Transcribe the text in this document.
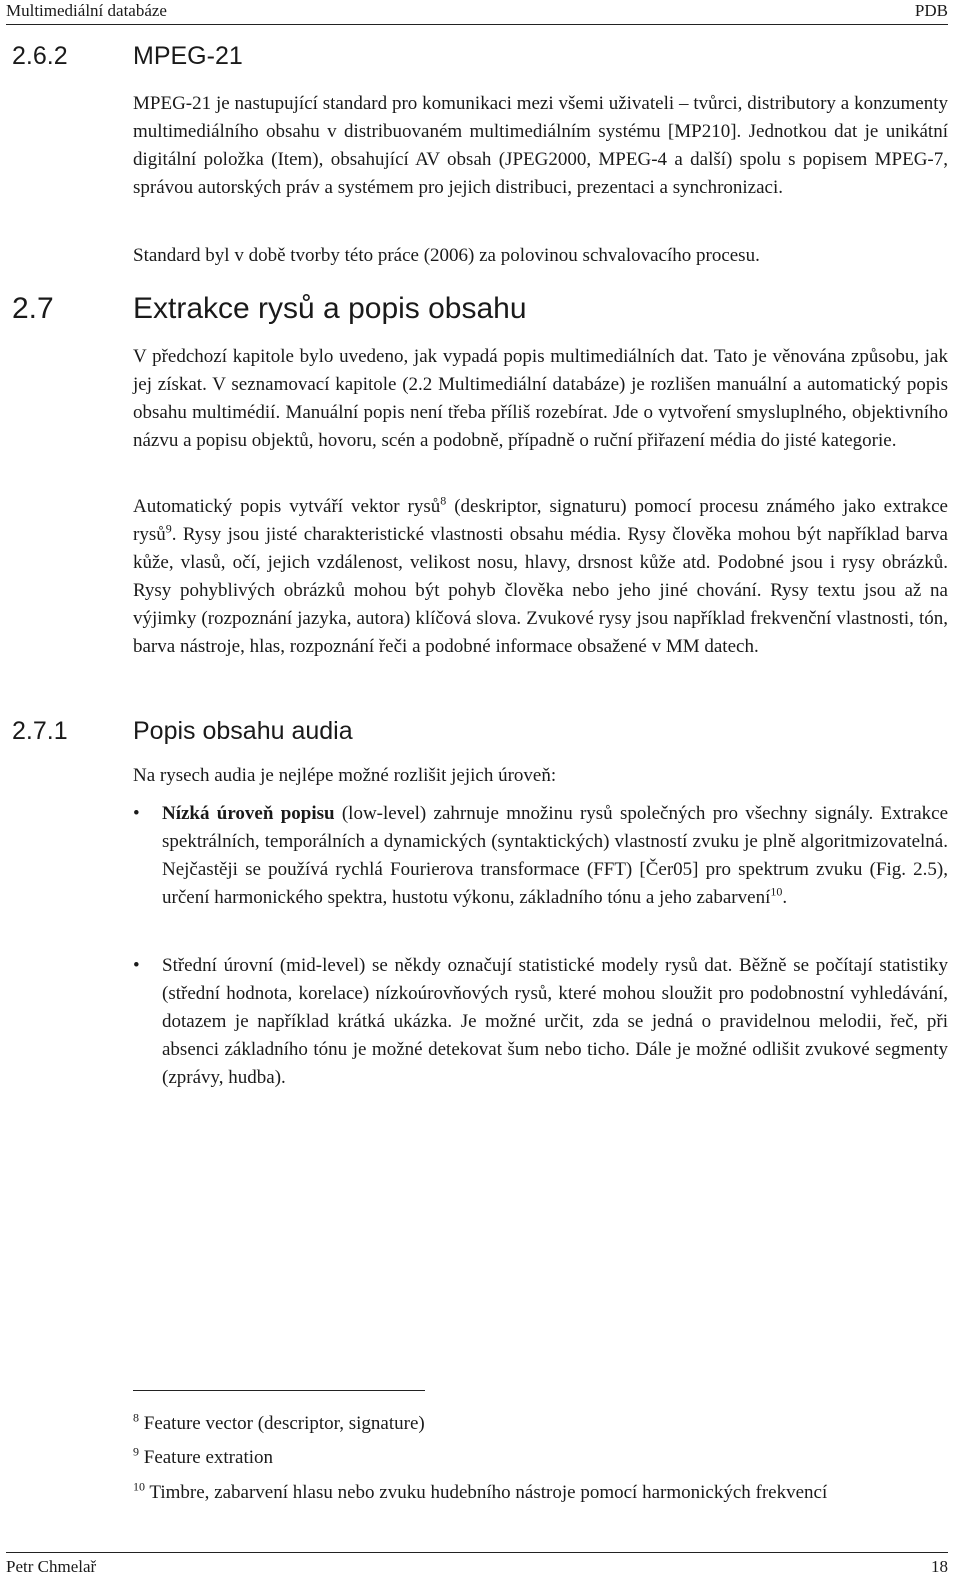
Multimediální databáze	PDB
2.6.2	MPEG-21

MPEG-21 je nastupující standard pro komunikaci mezi všemi uživateli – tvůrci, distributory a konzumenty multimediálního obsahu v distribuovaném multimediálním systému [MP210]. Jednotkou dat je unikátní digitální položka (Item), obsahující AV obsah (JPEG2000, MPEG-4 a další) spolu s popisem MPEG-7, správou autorských práv a systémem pro jejich distribuci, prezentaci a synchronizaci.

Standard byl v době tvorby této práce (2006) za polovinou schvalovacího procesu.

2.7	Extrakce rysů a popis obsahu

V předchozí kapitole bylo uvedeno, jak vypadá popis multimediálních dat. Tato je věnována způsobu, jak jej získat. V seznamovací kapitole (2.2 Multimediální databáze) je rozlišen manuální a automatický popis obsahu multimédií. Manuální popis není třeba příliš rozebírat. Jde o vytvoření smysluplného, objektivního názvu a popisu objektů, hovoru, scén a podobně, případně o ruční přiřazení média do jisté kategorie.

Automatický popis vytváří vektor rysů$^8$ (deskriptor, signaturu) pomocí procesu známého jako extrakce rysů$^9$. Rysy jsou jisté charakteristické vlastnosti obsahu média. Rysy člověka mohou být například barva kůže, vlasů, očí, jejich vzdálenost, velikost nosu, hlavy, drsnost kůže atd. Podobné jsou i rysy obrázků. Rysy pohyblivých obrázků mohou být pohyb člověka nebo jeho jiné chování. Rysy textu jsou až na výjimky (rozpoznání jazyka, autora) klíčová slova. Zvukové rysy jsou například frekvenční vlastnosti, tón, barva nástroje, hlas, rozpoznání řeči a podobné informace obsažené v MM datech.

2.7.1	Popis obsahu audia

Na rysech audia je nejlépe možné rozlišit jejich úroveň:

•	Nízká úroveň popisu (low-level) zahrnuje množinu rysů společných pro všechny signály. Extrakce spektrálních, temporálních a dynamických (syntaktických) vlastností zvuku je plně algoritmizovatelná. Nejčastěji se používá rychlá Fourierova transformace (FFT) [Čer05] pro spektrum zvuku (Fig. 2.5), určení harmonického spektra, hustotu výkonu, základního tónu a jeho zabarvení$^{10}$.
•	Střední úrovní (mid-level) se někdy označují statistické modely rysů dat. Běžně se počítají statistiky (střední hodnota, korelace) nízkoúrovňových rysů, které mohou sloužit pro podobnostní vyhledávání, dotazem je například krátká ukázka. Je možné určit, zda se jedná o pravidelnou melodii, řeč, při absenci základního tónu je možné detekovat šum nebo ticho. Dále je možné odlišit zvukové segmenty (zprávy, hudba).
$^8$ Feature vector (descriptor, signature)
$^9$ Feature extration
$^{10}$ Timbre, zabarvení hlasu nebo zvuku hudebního nástroje pomocí harmonických frekvencí
Petr Chmelař	18
